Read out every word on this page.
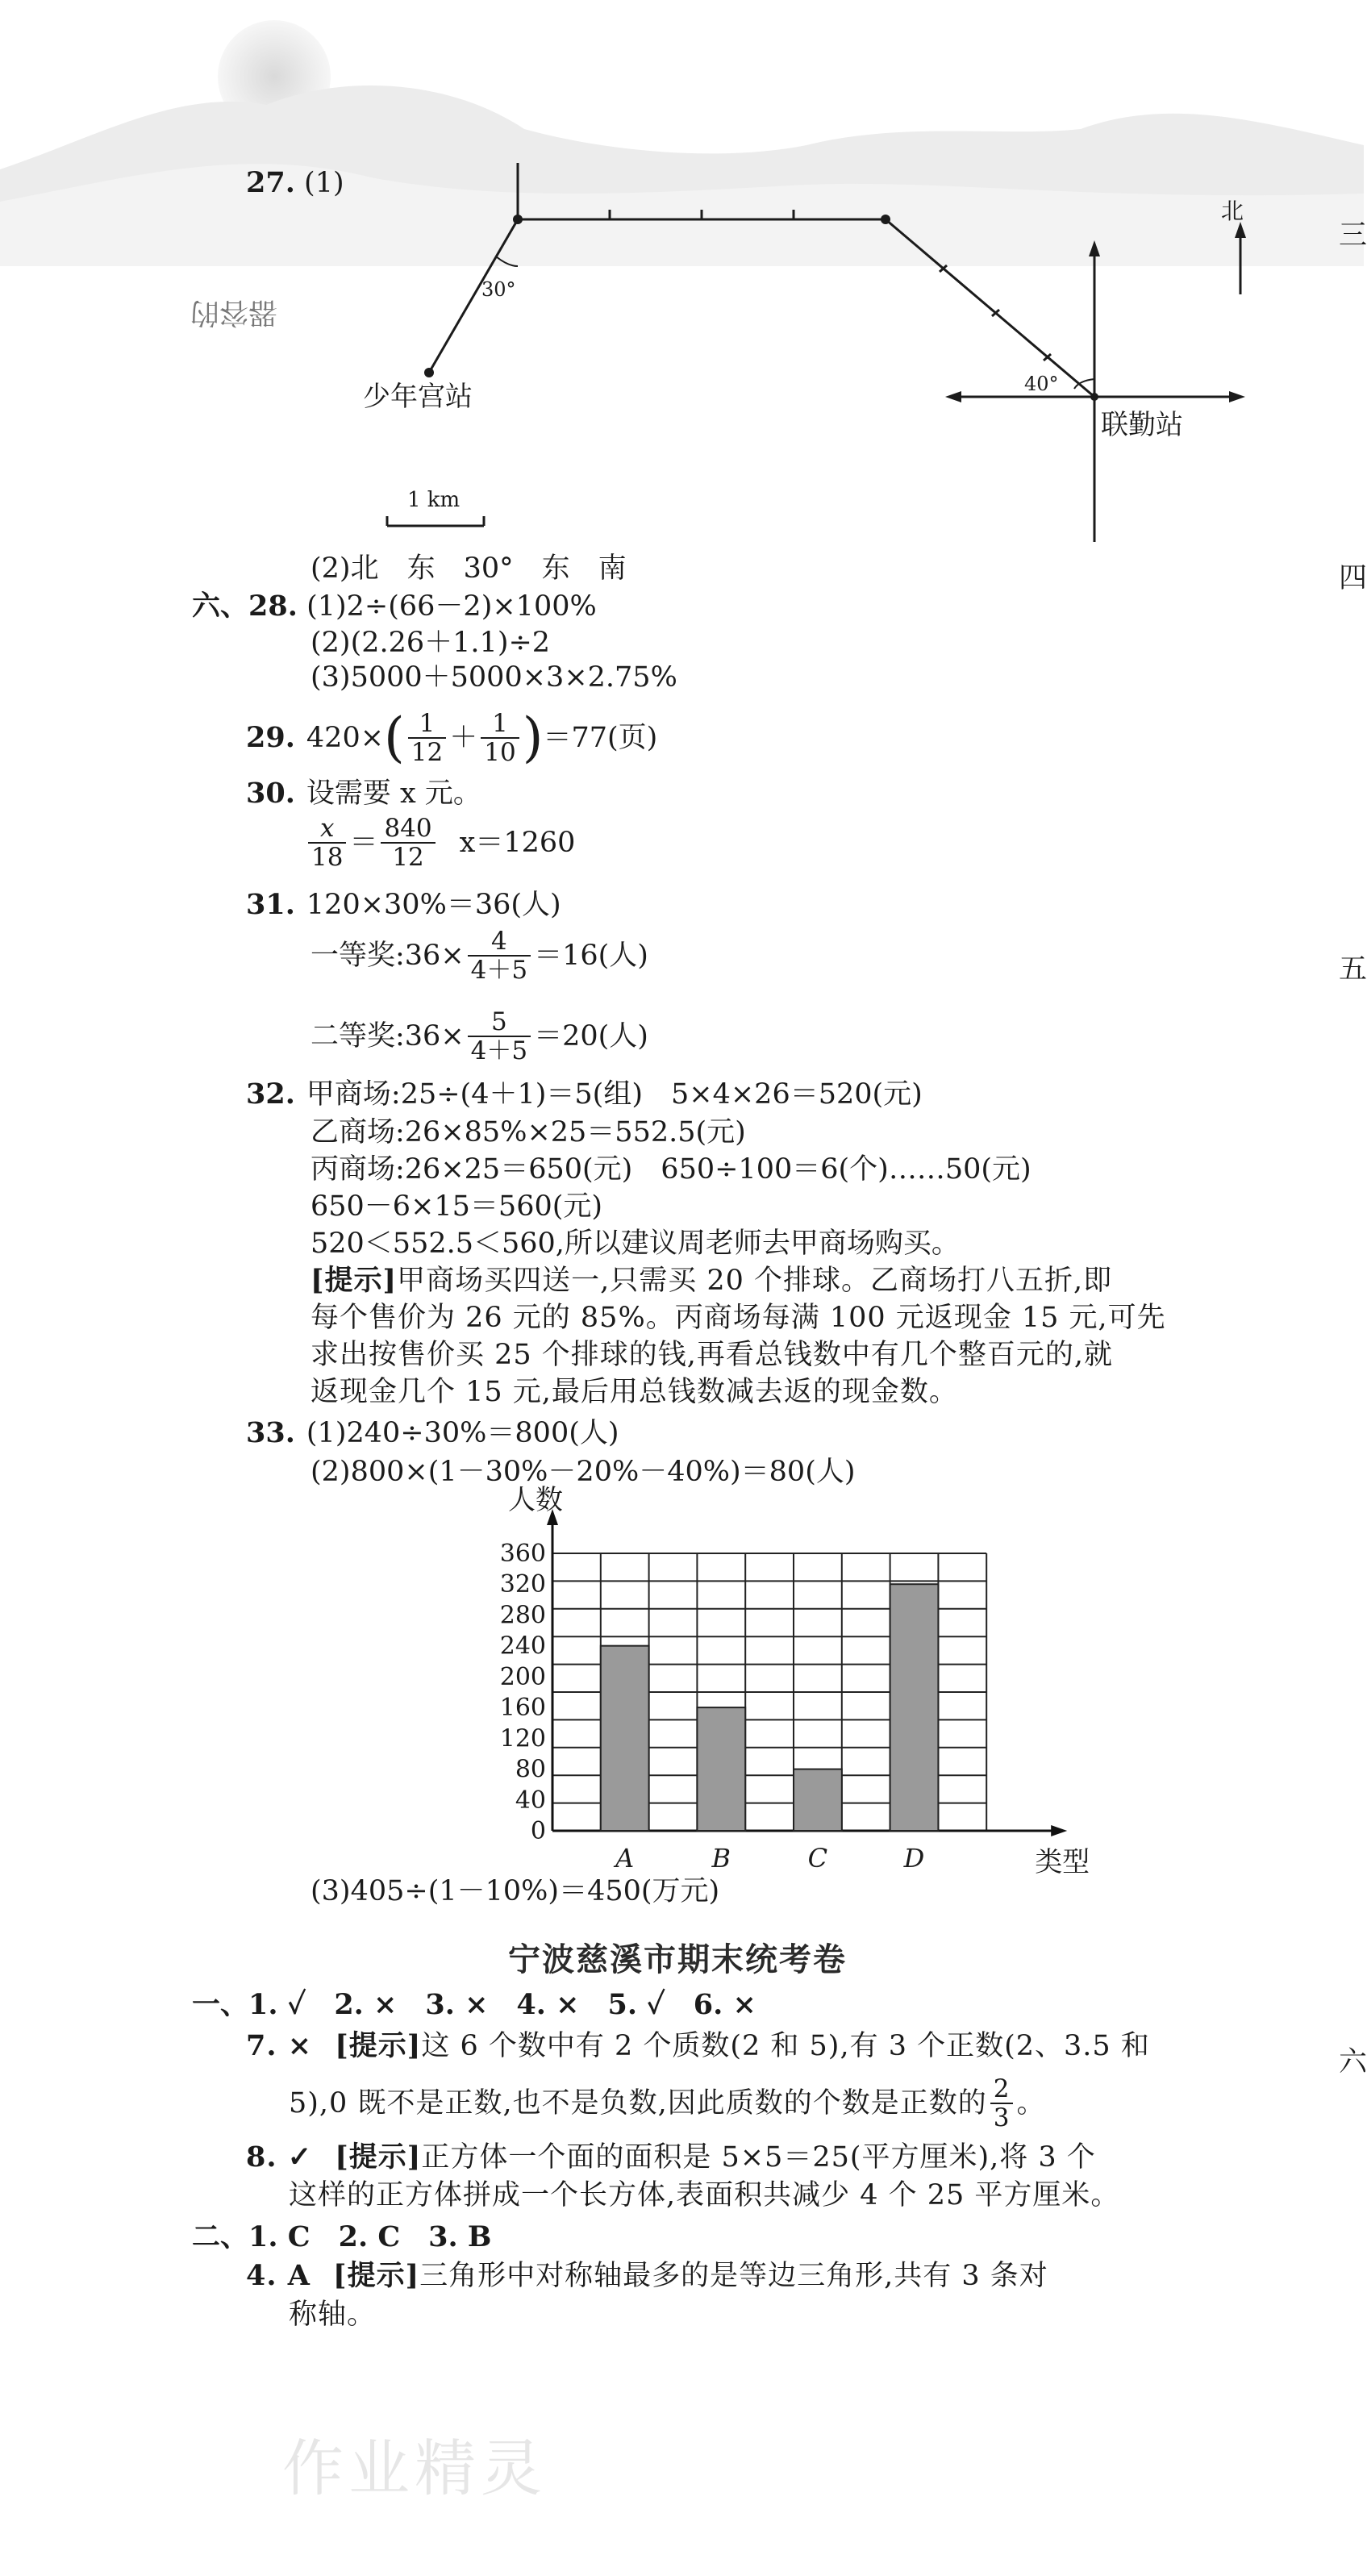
三
四
五
六
器容的
27. (1)
30°
40°
北
少年宫站
联勤站
1 km
(2)北　东　30°　东　南
六、28. (1)2÷(66－2)×100%
(2)(2.26＋1.1)÷2
(3)5000＋5000×3×2.75%
29. 420× ( $\frac{1}{12} + \frac{1}{10}$ ) ＝77(页)
30. 设需要 x 元。
$\frac{x}{18} = \frac{840}{12} x=1260$
31. 120×30%＝36(人)
一等奖:36× $\frac{4}{4+5} =16$(人)
二等奖:36× $\frac{5}{4+5} =20$(人)
32. 甲商场:25÷(4＋1)＝5(组)　5×4×26＝520(元)
乙商场:26×85%×25＝552.5(元)
丙商场:26×25＝650(元)　650÷100＝6(个)……50(元)
650－6×15＝560(元)
520＜552.5＜560,所以建议周老师去甲商场购买。
[提示]甲商场买四送一,只需买 20 个排球。乙商场打八五折,即
每个售价为 26 元的 85%。丙商场每满 100 元返现金 15 元,可先
求出按售价买 25 个排球的钱,再看总钱数中有几个整百元的,就
返现金几个 15 元,最后用总钱数减去返的现金数。
33. (1)240÷30%＝800(人)
(2)800×(1－30%－20%－40%)＝80(人)
0
40
80
120
160
200
240
280
320
360
A	B	C	D
人数
类型
(3)405÷(1－10%)＝450(万元)
宁波慈溪市期末统考卷
一、1. ✓　2. ×　3. ×　4. ×　5. ✓　6. ×
7. × [提示]这 6 个数中有 2 个质数(2 和 5),有 3 个正数(2、3.5 和
5),0 既不是正数,也不是负数,因此质数的个数是正数的 $\frac{2}{3}$ 。
8. ✓ [提示]正方体一个面的面积是 5×5＝25(平方厘米),将 3 个
这样的正方体拼成一个长方体,表面积共减少 4 个 25 平方厘米。
二、1. C　2. C　3. B
4. A [提示]三角形中对称轴最多的是等边三角形,共有 3 条对
称轴。
作业精灵
